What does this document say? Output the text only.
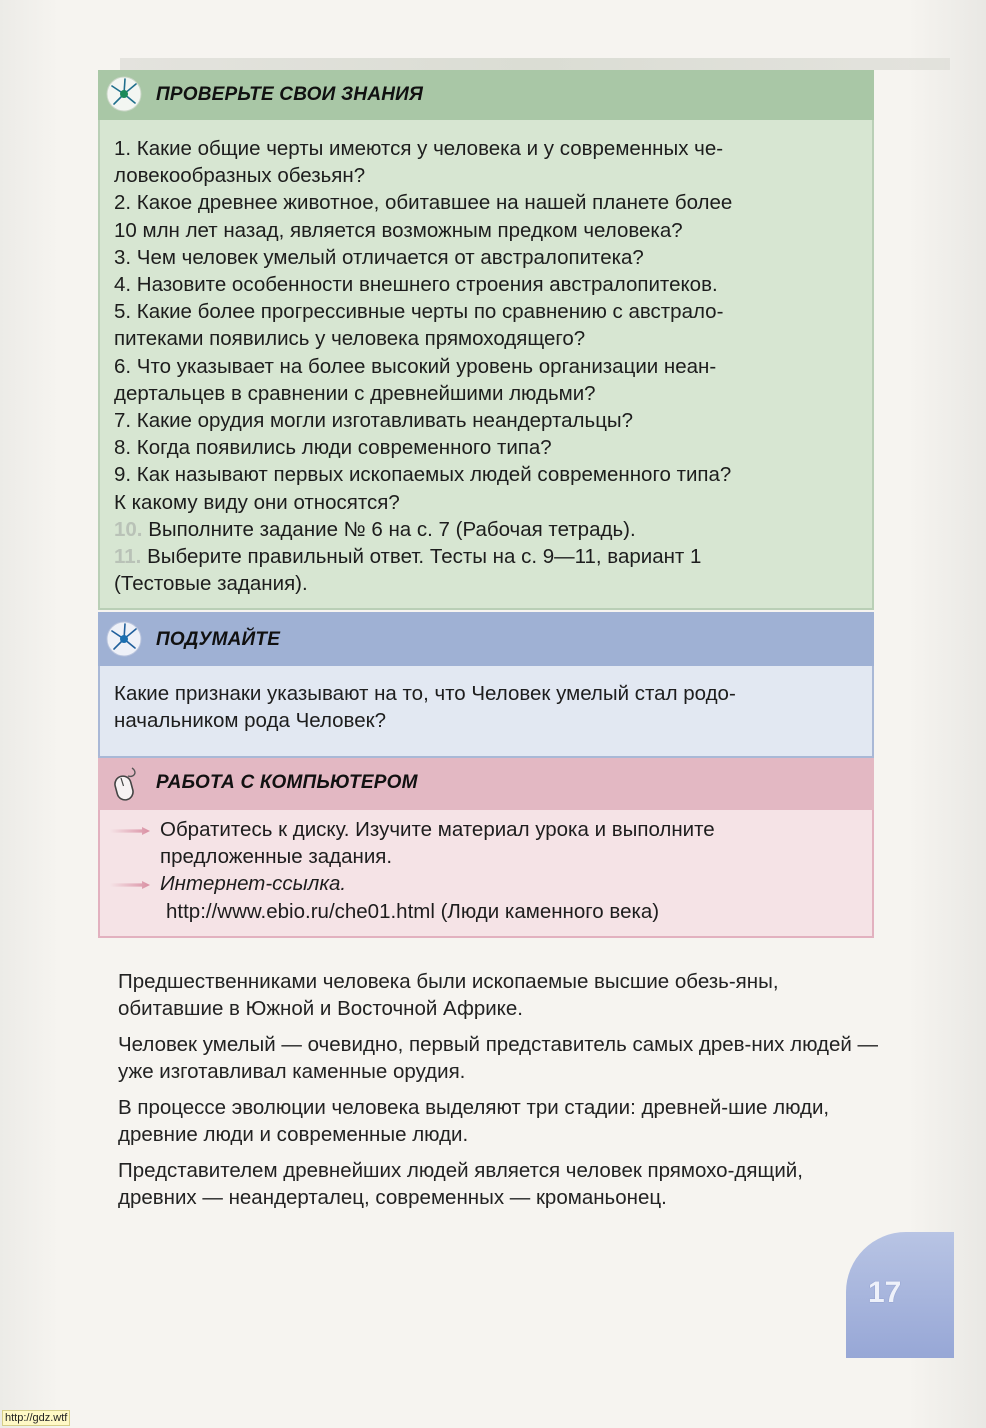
ПРОВЕРЬТЕ СВОИ ЗНАНИЯ

1. Какие общие черты имеются у человека и у современных че-

ловекообразных обезьян?

2. Какое древнее животное, обитавшее на нашей планете более

10 млн лет назад, является возможным предком человека?

3. Чем человек умелый отличается от австралопитека?

4. Назовите особенности внешнего строения австралопитеков.

5. Какие более прогрессивные черты по сравнению с австрало-

питеками появились у человека прямоходящего?

6. Что указывает на более высокий уровень организации неан-

дертальцев в сравнении с древнейшими людьми?

7. Какие орудия могли изготавливать неандертальцы?

8. Когда появились люди современного типа?

9. Как называют первых ископаемых людей современного типа?

К какому виду они относятся?

10. Выполните задание № 6 на с. 7 (Рабочая тетрадь).

11. Выберите правильный ответ. Тесты на с. 9—11, вариант 1

(Тестовые задания).

ПОДУМАЙТЕ

Какие признаки указывают на то, что Человек умелый стал родо-

начальником рода Человек?

РАБОТА С КОМПЬЮТЕРОМ

Обратитесь к диску. Изучите материал урока и выполните

предложенные задания.

Интернет-ссылка.

http://www.ebio.ru/che01.html (Люди каменного века)

Предшественниками человека были ископаемые высшие обезь-яны, обитавшие в Южной и Восточной Африке.

Человек умелый — очевидно, первый представитель самых древ-них людей — уже изготавливал каменные орудия.

В процессе эволюции человека выделяют три стадии: древней-шие люди, древние люди и современные люди.

Представителем древнейших людей является человек прямохо-дящий, древних — неандерталец, современных — кроманьонец.

17
http://gdz.wtf
